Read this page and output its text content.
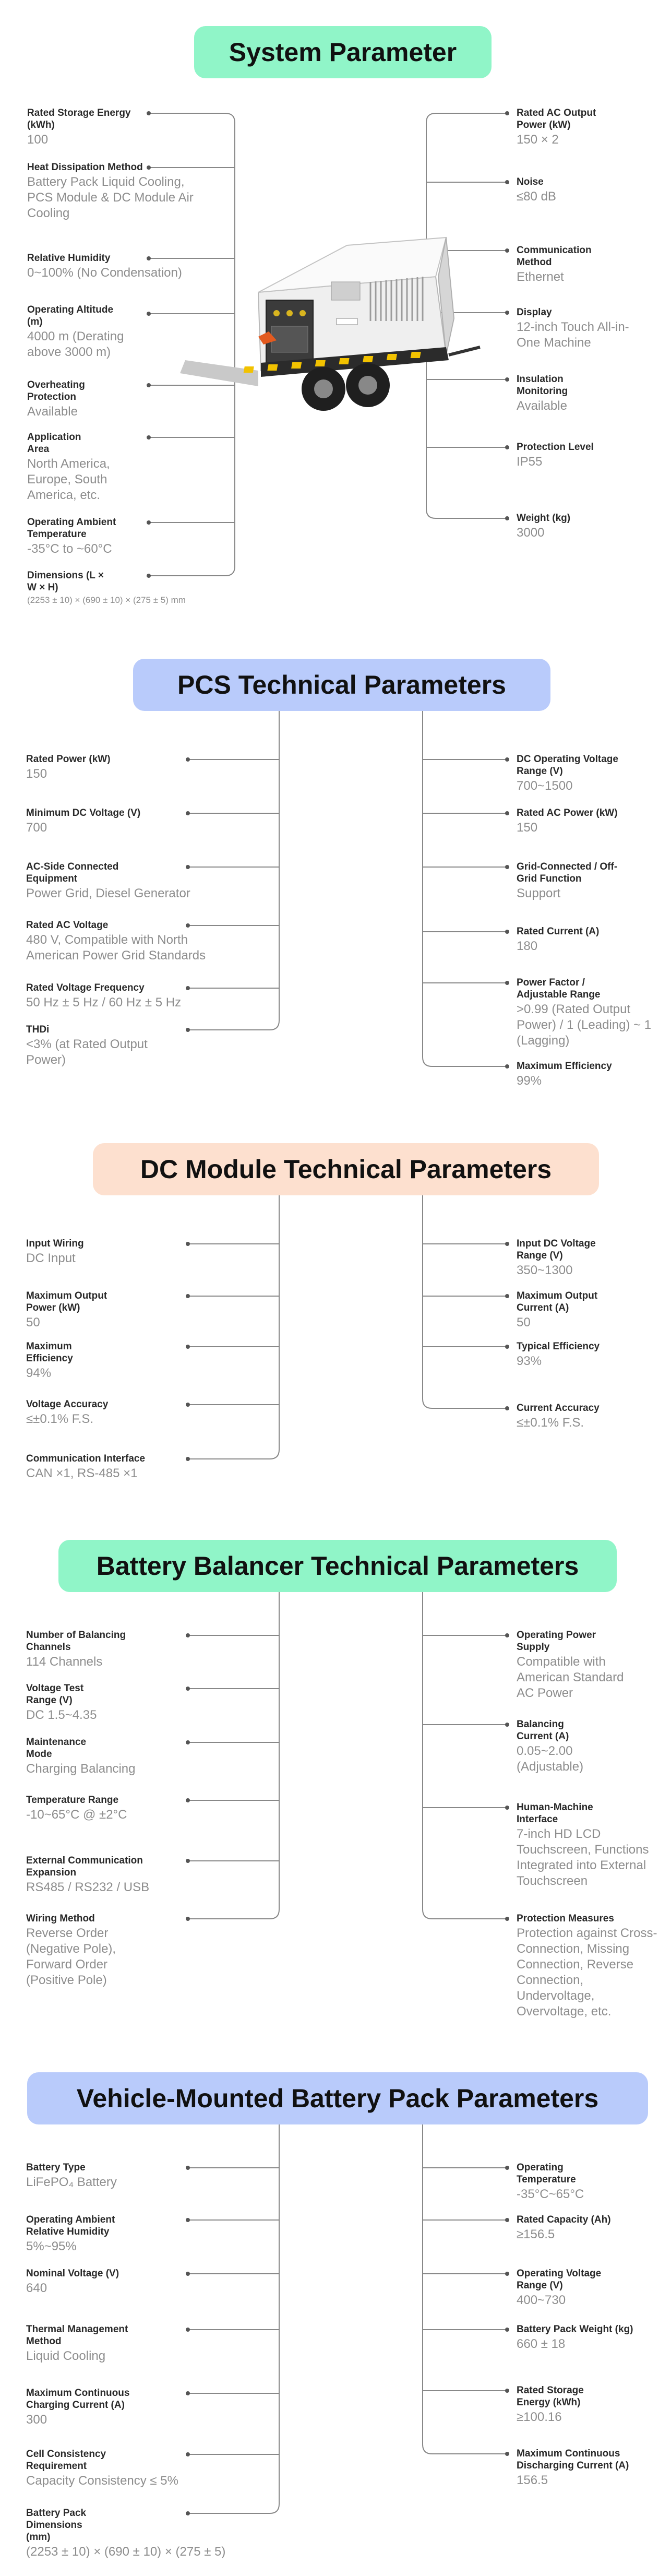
System Parameter
Rated Storage Energy (kWh)
100
Heat Dissipation Method
Battery Pack Liquid Cooling, PCS Module & DC Module Air Cooling
Relative Humidity
0~100% (No Condensation)
Operating Altitude (m)
4000 m (Derating above 3000 m)
Overheating Protection
Available
Application Area
North America, Europe, South America, etc.
Operating Ambient Temperature
-35°C to ~60°C
Dimensions (L × W × H)
(2253 ± 10) × (690 ± 10) × (275 ± 5) mm
Rated AC Output Power (kW)
150 × 2
Noise
≤80 dB
Communication Method
Ethernet
Display
12-inch Touch All-in-One Machine
Insulation Monitoring
Available
Protection Level
IP55
Weight (kg)
3000
PCS Technical Parameters
Rated Power (kW)
150
Minimum DC Voltage (V)
700
AC-Side Connected Equipment
Power Grid, Diesel Generator
Rated AC Voltage
480 V, Compatible with North American Power Grid Standards
Rated Voltage Frequency
50 Hz ± 5 Hz / 60 Hz ± 5 Hz
THDi
<3% (at Rated Output Power)
DC Operating Voltage Range (V)
700~1500
Rated AC Power (kW)
150
Grid-Connected / Off-Grid Function
Support
Rated Current (A)
180
Power Factor / Adjustable Range
>0.99 (Rated Output Power) / 1 (Leading) ~ 1 (Lagging)
Maximum Efficiency
99%
DC Module Technical Parameters
Input Wiring
DC Input
Maximum Output Power (kW)
50
Maximum Efficiency
94%
Voltage Accuracy
≤±0.1% F.S.
Communication Interface
CAN ×1, RS-485 ×1
Input DC Voltage Range (V)
350~1300
Maximum Output Current (A)
50
Typical Efficiency
93%
Current Accuracy
≤±0.1% F.S.
Battery Balancer Technical Parameters
Number of Balancing Channels
114 Channels
Voltage Test Range (V)
DC 1.5~4.35
Maintenance Mode
Charging Balancing
Temperature Range
-10~65°C @ ±2°C
External Communication Expansion
RS485 / RS232 / USB
Wiring Method
Reverse Order (Negative Pole), Forward Order (Positive Pole)
Operating Power Supply
Compatible with American Standard AC Power
Balancing Current (A)
0.05~2.00 (Adjustable)
Human-Machine Interface
7-inch HD LCD Touchscreen, Functions Integrated into External Touchscreen
Protection Measures
Protection against Cross-Connection, Missing Connection, Reverse Connection, Undervoltage, Overvoltage, etc.
Vehicle-Mounted Battery Pack Parameters
Battery Type
LiFePO₄ Battery
Operating Ambient Relative Humidity
5%~95%
Nominal Voltage (V)
640
Thermal Management Method
Liquid Cooling
Maximum Continuous Charging Current (A)
300
Cell Consistency Requirement
Capacity Consistency ≤ 5%
Battery Pack Dimensions (mm)
(2253 ± 10) × (690 ± 10) × (275 ± 5)
Operating Temperature
-35°C~65°C
Rated Capacity (Ah)
≥156.5
Operating Voltage Range (V)
400~730
Battery Pack Weight (kg)
660 ± 18
Rated Storage Energy (kWh)
≥100.16
Maximum Continuous Discharging Current (A)
156.5
